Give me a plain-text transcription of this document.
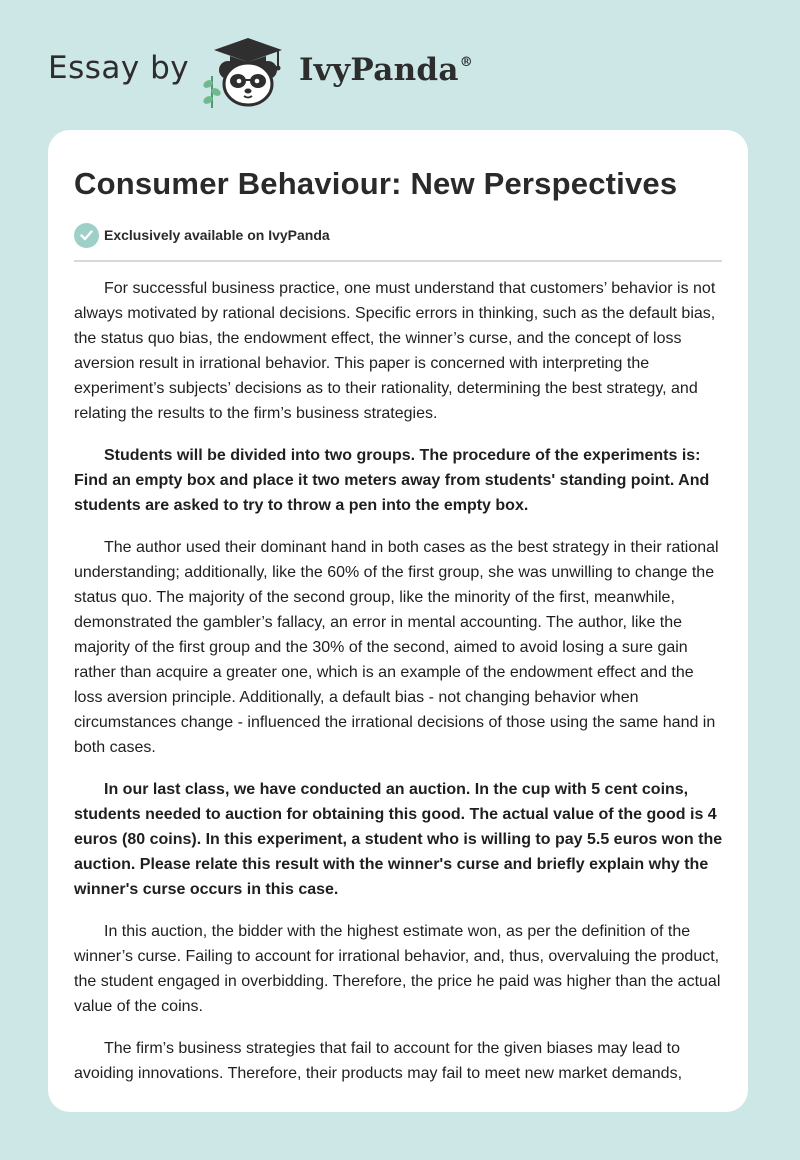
Essay by	IvyPanda®
Consumer Behaviour: New Perspectives
Exclusively available on IvyPanda

For successful business practice, one must understand that customers’ behavior is not always motivated by rational decisions. Specific errors in thinking, such as the default bias, the status quo bias, the endowment effect, the winner’s curse, and the concept of loss aversion result in irrational behavior. This paper is concerned with interpreting the experiment’s subjects’ decisions as to their rationality, determining the best strategy, and relating the results to the firm’s business strategies.

Students will be divided into two groups. The procedure of the experiments is: Find an empty box and place it two meters away from students' standing point. And students are asked to try to throw a pen into the empty box.

The author used their dominant hand in both cases as the best strategy in their rational understanding; additionally, like the 60% of the first group, she was unwilling to change the status quo. The majority of the second group, like the minority of the first, meanwhile, demonstrated the gambler’s fallacy, an error in mental accounting. The author, like the majority of the first group and the 30% of the second, aimed to avoid losing a sure gain rather than acquire a greater one, which is an example of the endowment effect and the loss aversion principle. Additionally, a default bias - not changing behavior when circumstances change - influenced the irrational decisions of those using the same hand in both cases.

In our last class, we have conducted an auction. In the cup with 5 cent coins, students needed to auction for obtaining this good. The actual value of the good is 4 euros (80 coins). In this experiment, a student who is willing to pay 5.5 euros won the auction. Please relate this result with the winner's curse and briefly explain why the winner's curse occurs in this case.

In this auction, the bidder with the highest estimate won, as per the definition of the winner’s curse. Failing to account for irrational behavior, and, thus, overvaluing the product, the student engaged in overbidding. Therefore, the price he paid was higher than the actual value of the coins.

The firm’s business strategies that fail to account for the given biases may lead to avoiding innovations. Therefore, their products may fail to meet new market demands,
